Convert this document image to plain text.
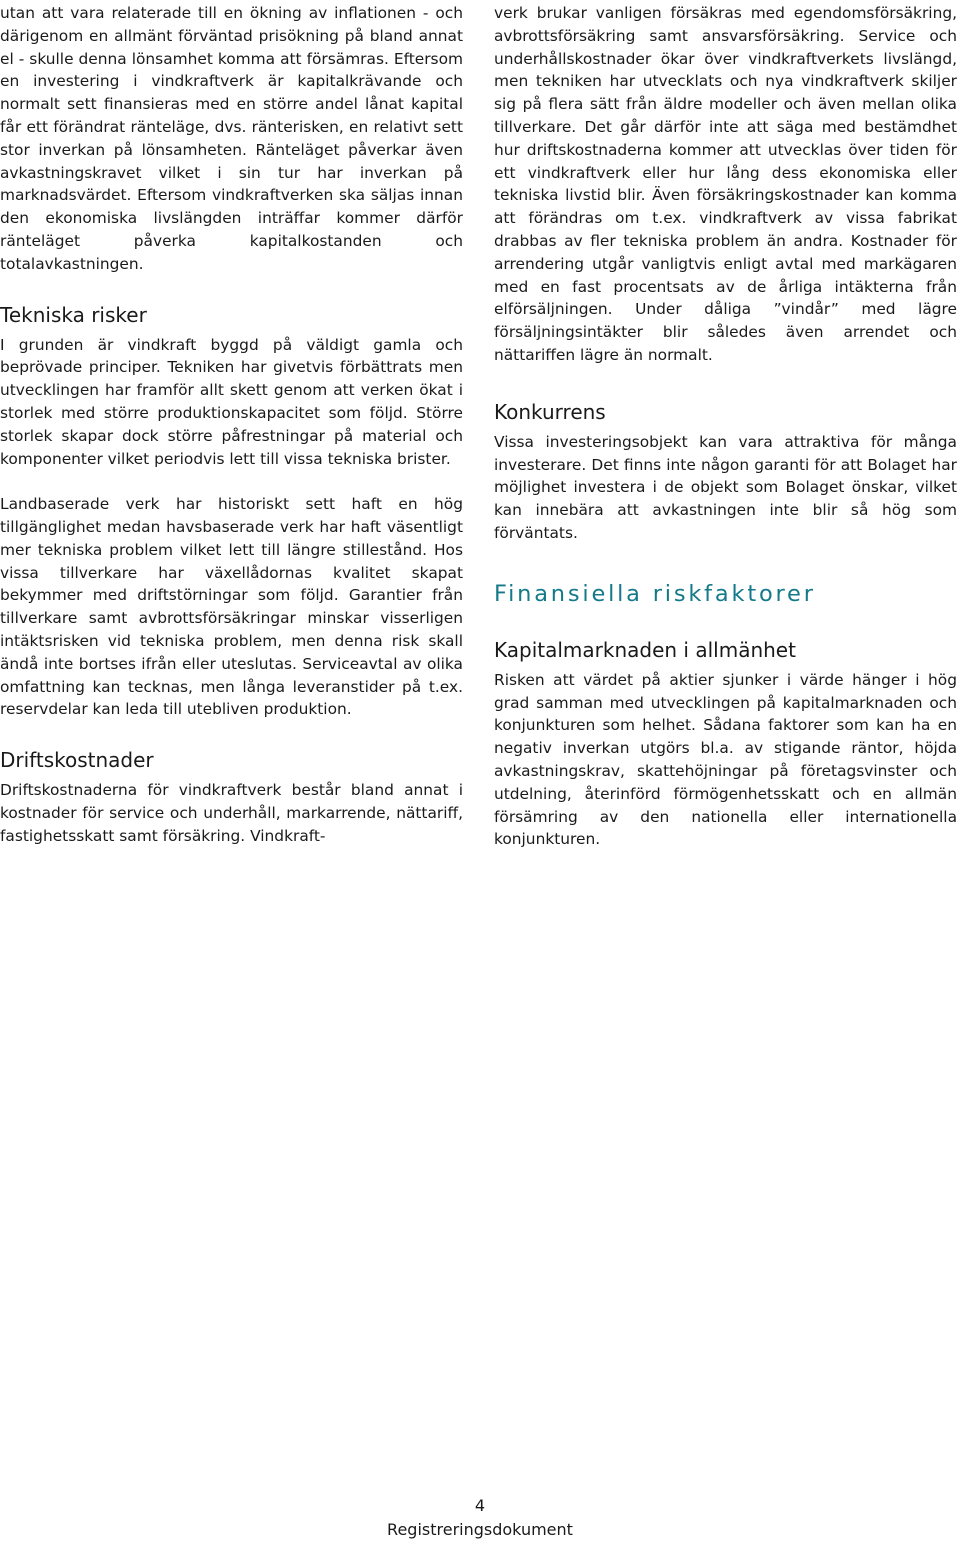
utan att vara relaterade till en ökning av inflationen - och därigenom en allmänt förväntad prisökning på bland annat el - skulle denna lönsamhet komma att försämras. Eftersom en investering i vindkraftverk är kapitalkrävande och normalt sett finansieras med en större andel lånat kapital får ett förändrat ränteläge, dvs. ränterisken, en relativt sett stor inverkan på lönsamheten. Ränteläget påverkar även avkastningskravet vilket i sin tur har inverkan på marknadsvärdet. Eftersom vindkraftverken ska säljas innan den ekonomiska livslängden inträffar kommer därför ränteläget påverka kapitalkostanden och totalavkastningen.

Tekniska risker

I grunden är vindkraft byggd på väldigt gamla och beprövade principer. Tekniken har givetvis förbättrats men utvecklingen har framför allt skett genom att verken ökat i storlek med större produktionskapacitet som följd. Större storlek skapar dock större påfrestningar på material och komponenter vilket periodvis lett till vissa tekniska brister.

Landbaserade verk har historiskt sett haft en hög tillgänglighet medan havsbaserade verk har haft väsentligt mer tekniska problem vilket lett till längre stillestånd. Hos vissa tillverkare har växellådornas kvalitet skapat bekymmer med driftstörningar som följd. Garantier från tillverkare samt avbrottsförsäkringar minskar visserligen intäktsrisken vid tekniska problem, men denna risk skall ändå inte bortses ifrån eller uteslutas. Serviceavtal av olika omfattning kan tecknas, men långa leveranstider på t.ex. reservdelar kan leda till utebliven produktion.

Driftskostnader

Driftskostnaderna för vindkraftverk består bland annat i kostnader för service och underhåll, markarrende, nättariff, fastighetsskatt samt försäkring. Vindkraft-

verk brukar vanligen försäkras med egendomsförsäkring, avbrottsförsäkring samt ansvarsförsäkring. Service och underhållskostnader ökar över vindkraftverkets livslängd, men tekniken har utvecklats och nya vindkraftverk skiljer sig på flera sätt från äldre modeller och även mellan olika tillverkare. Det går därför inte att säga med bestämdhet hur driftskostnaderna kommer att utvecklas över tiden för ett vindkraftverk eller hur lång dess ekonomiska eller tekniska livstid blir. Även försäkringskostnader kan komma att förändras om t.ex. vindkraftverk av vissa fabrikat drabbas av fler tekniska problem än andra. Kostnader för arrendering utgår vanligtvis enligt avtal med markägaren med en fast procentsats av de årliga intäkterna från elförsäljningen. Under dåliga ”vindår” med lägre försäljningsintäkter blir således även arrendet och nättariffen lägre än normalt.

Konkurrens

Vissa investeringsobjekt kan vara attraktiva för många investerare. Det finns inte någon garanti för att Bolaget har möjlighet investera i de objekt som Bolaget önskar, vilket kan innebära att avkastningen inte blir så hög som förväntats.

Finansiella riskfaktorer
Kapitalmarknaden i allmänhet

Risken att värdet på aktier sjunker i värde hänger i hög grad samman med utvecklingen på kapitalmarknaden och konjunkturen som helhet. Sådana faktorer som kan ha en negativ inverkan utgörs bl.a. av stigande räntor, höjda avkastningskrav, skattehöjningar på företagsvinster och utdelning, återinförd förmögenhetsskatt och en allmän försämring av den nationella eller internationella konjunkturen.

4
Registreringsdokument
